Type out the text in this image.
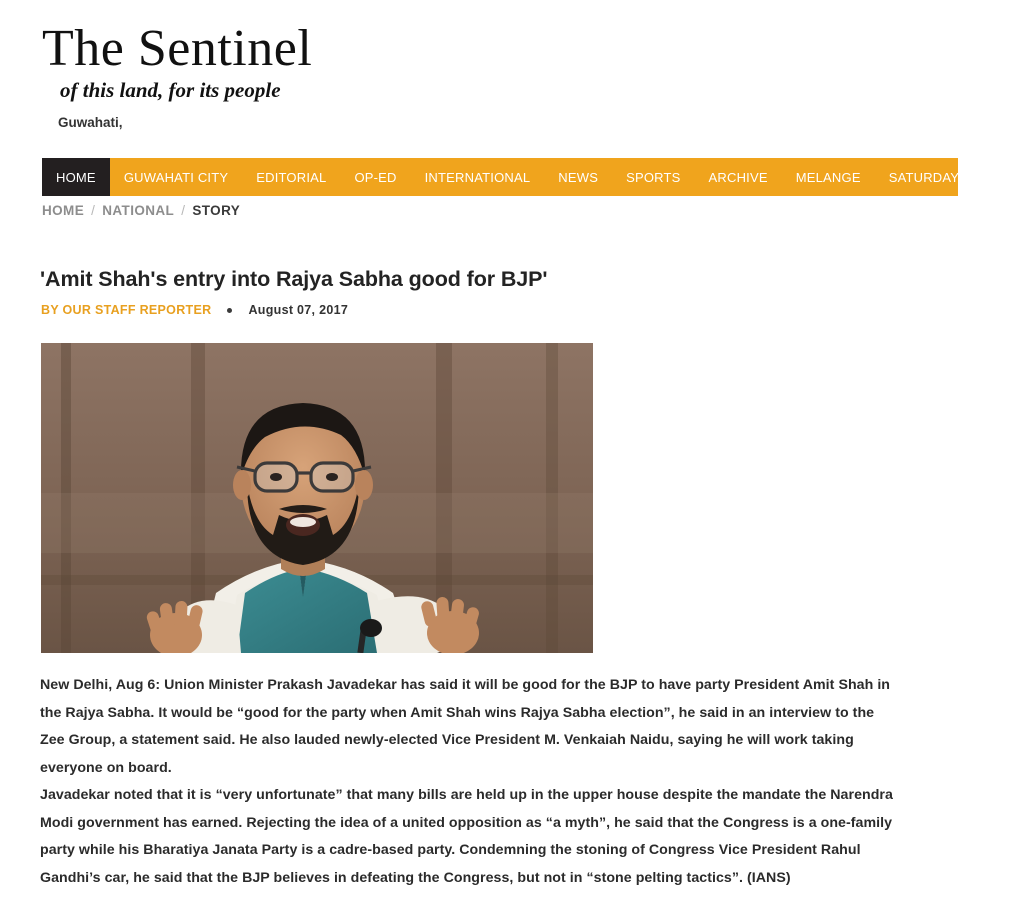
The Sentinel
of this land, for its people
Guwahati,
HOME	GUWAHATI CITY	EDITORIAL	OP-ED	INTERNATIONAL	NEWS	SPORTS	ARCHIVE	MELANGE	SATURDAY FARE
HOME / NATIONAL / STORY
'Amit Shah's entry into Rajya Sabha good for BJP'
BY OUR STAFF REPORTER	August 07, 2017

New Delhi, Aug 6: Union Minister Prakash Javadekar has said it will be good for the BJP to have party President Amit Shah in the Rajya Sabha. It would be “good for the party when Amit Shah wins Rajya Sabha election”, he said in an interview to the Zee Group, a statement said. He also lauded newly-elected Vice President M. Venkaiah Naidu, saying he will work taking everyone on board.

Javadekar noted that it is “very unfortunate” that many bills are held up in the upper house despite the mandate the Narendra Modi government has earned. Rejecting the idea of a united opposition as “a myth”, he said that the Congress is a one-family party while his Bharatiya Janata Party is a cadre-based party. Condemning the stoning of Congress Vice President Rahul Gandhi’s car, he said that the BJP believes in defeating the Congress, but not in “stone pelting tactics”. (IANS)
